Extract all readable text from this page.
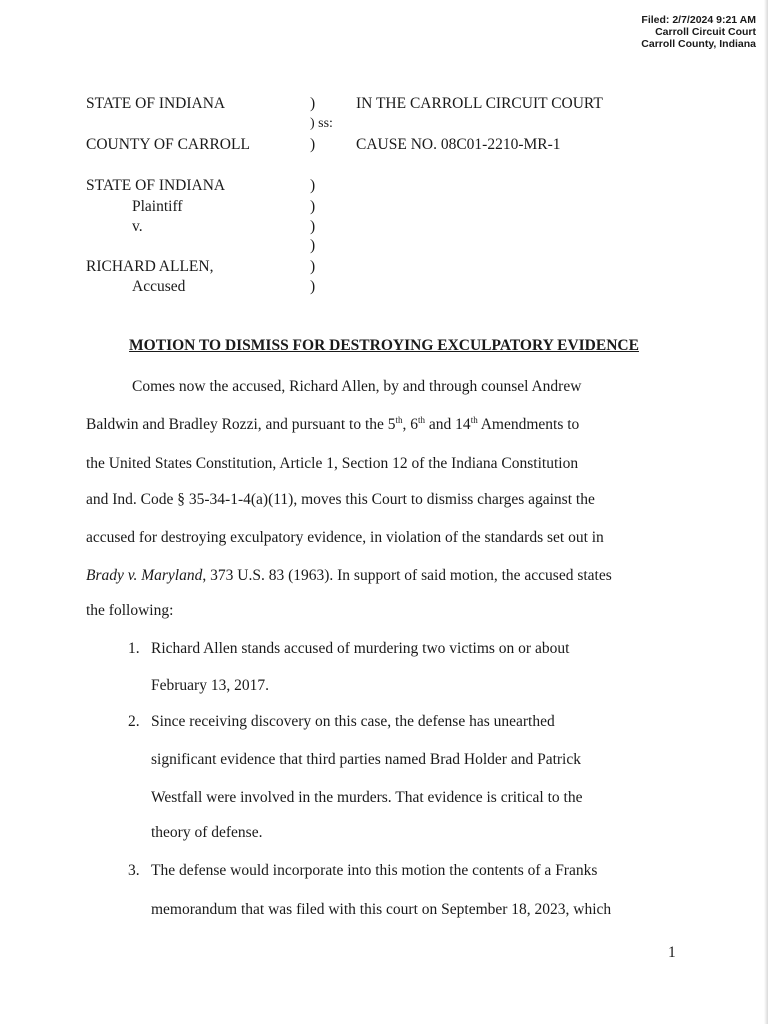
Filed: 2/7/2024 9:21 AM
Carroll Circuit Court
Carroll County, Indiana
STATE OF INDIANA	)	IN THE CARROLL CIRCUIT COURT
) ss:
COUNTY OF CARROLL	)	CAUSE NO. 08C01-2210-MR-1
STATE OF INDIANA	)
Plaintiff	)
v.	)
)
RICHARD ALLEN,	)
Accused	)
MOTION TO DISMISS FOR DESTROYING EXCULPATORY EVIDENCE
Comes now the accused, Richard Allen, by and through counsel Andrew
Baldwin and Bradley Rozzi, and pursuant to the 5th, 6th and 14th Amendments to
the United States Constitution, Article 1, Section 12 of the Indiana Constitution
and Ind. Code § 35-34-1-4(a)(11), moves this Court to dismiss charges against the
accused for destroying exculpatory evidence, in violation of the standards set out in
Brady v. Maryland, 373 U.S. 83 (1963). In support of said motion, the accused states
the following:
1. Richard Allen stands accused of murdering two victims on or about
February 13, 2017.
2. Since receiving discovery on this case, the defense has unearthed
significant evidence that third parties named Brad Holder and Patrick
Westfall were involved in the murders. That evidence is critical to the
theory of defense.
3. The defense would incorporate into this motion the contents of a Franks
memorandum that was filed with this court on September 18, 2023, which
1
